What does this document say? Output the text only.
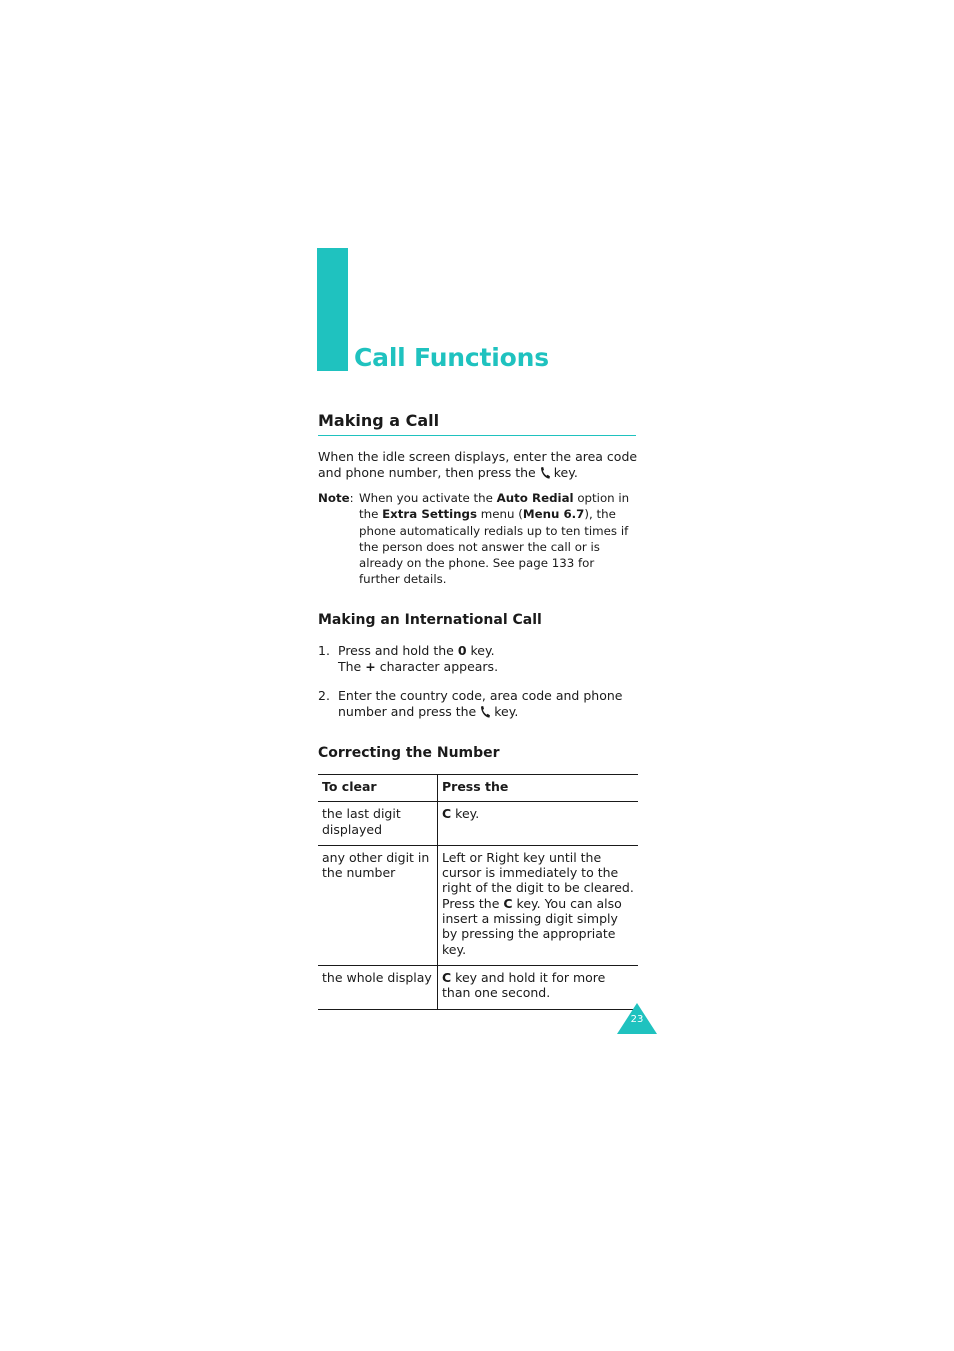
Call Functions
Making a Call
When the idle screen displays, enter the area code and phone number, then press the key.
Note: When you activate the Auto Redial option in the Extra Settings menu (Menu 6.7), the phone automatically redials up to ten times if the person does not answer the call or is already on the phone. See page 133 for further details.
Making an International Call
1. Press and hold the 0 key.
The + character appears.
2. Enter the country code, area code and phone number and press the key.
Correcting the Number
To clear	Press the
the last digit displayed	C key.
any other digit in the number	Left or Right key until the cursor is immediately to the right of the digit to be cleared. Press the C key. You can also insert a missing digit simply by pressing the appropriate key.
the whole display	C key and hold it for more than one second.
23
